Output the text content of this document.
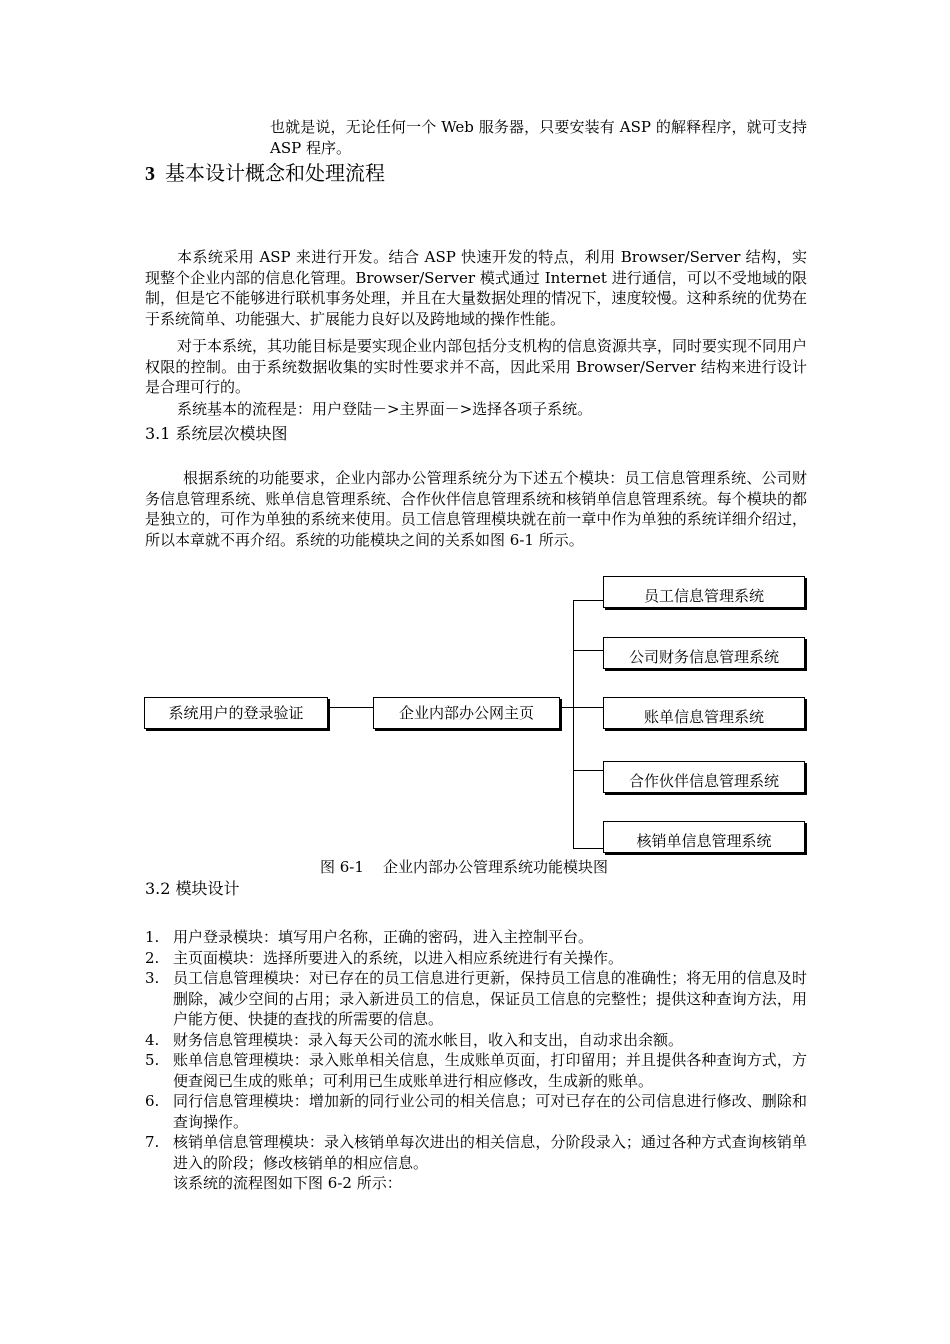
也就是说，无论任何一个 Web 服务器，只要安装有 ASP 的解释程序，就可支持 ASP 程序。
3 基本设计概念和处理流程
本系统采用 ASP 来进行开发。结合 ASP 快速开发的特点，利用 Browser/Server 结构，实现整个企业内部的信息化管理。Browser/Server 模式通过 Internet 进行通信，可以不受地域的限制，但是它不能够进行联机事务处理，并且在大量数据处理的情况下，速度较慢。这种系统的优势在于系统简单、功能强大、扩展能力良好以及跨地域的操作性能。
对于本系统，其功能目标是要实现企业内部包括分支机构的信息资源共享，同时要实现不同用户权限的控制。由于系统数据收集的实时性要求并不高，因此采用 Browser/Server 结构来进行设计是合理可行的。
系统基本的流程是：用户登陆－>主界面－>选择各项子系统。
3.1 系统层次模块图
根据系统的功能要求，企业内部办公管理系统分为下述五个模块：员工信息管理系统、公司财务信息管理系统、账单信息管理系统、合作伙伴信息管理系统和核销单信息管理系统。每个模块的都是独立的，可作为单独的系统来使用。员工信息管理模块就在前一章中作为单独的系统详细介绍过，所以本章就不再介绍。系统的功能模块之间的关系如图 6-1 所示。
系统用户的登录验证	企业内部办公网主页
员工信息管理系统
公司财务信息管理系统
账单信息管理系统
合作伙伴信息管理系统
核销单信息管理系统
图 6-1    企业内部办公管理系统功能模块图
3.2 模块设计
1. 用户登录模块：填写用户名称，正确的密码，进入主控制平台。
2. 主页面模块：选择所要进入的系统，以进入相应系统进行有关操作。
3. 员工信息管理模块：对已存在的员工信息进行更新，保持员工信息的准确性；将无用的信息及时删除，减少空间的占用；录入新进员工的信息，保证员工信息的完整性；提供这种查询方法，用户能方便、快捷的查找的所需要的信息。
4. 财务信息管理模块：录入每天公司的流水帐目，收入和支出，自动求出余额。
5. 账单信息管理模块：录入账单相关信息，生成账单页面，打印留用；并且提供各种查询方式，方便查阅已生成的账单；可利用已生成账单进行相应修改，生成新的账单。
6. 同行信息管理模块：增加新的同行业公司的相关信息；可对已存在的公司信息进行修改、删除和查询操作。
7. 核销单信息管理模块：录入核销单每次进出的相关信息，分阶段录入；通过各种方式查询核销单进入的阶段；修改核销单的相应信息。
该系统的流程图如下图 6-2 所示：
